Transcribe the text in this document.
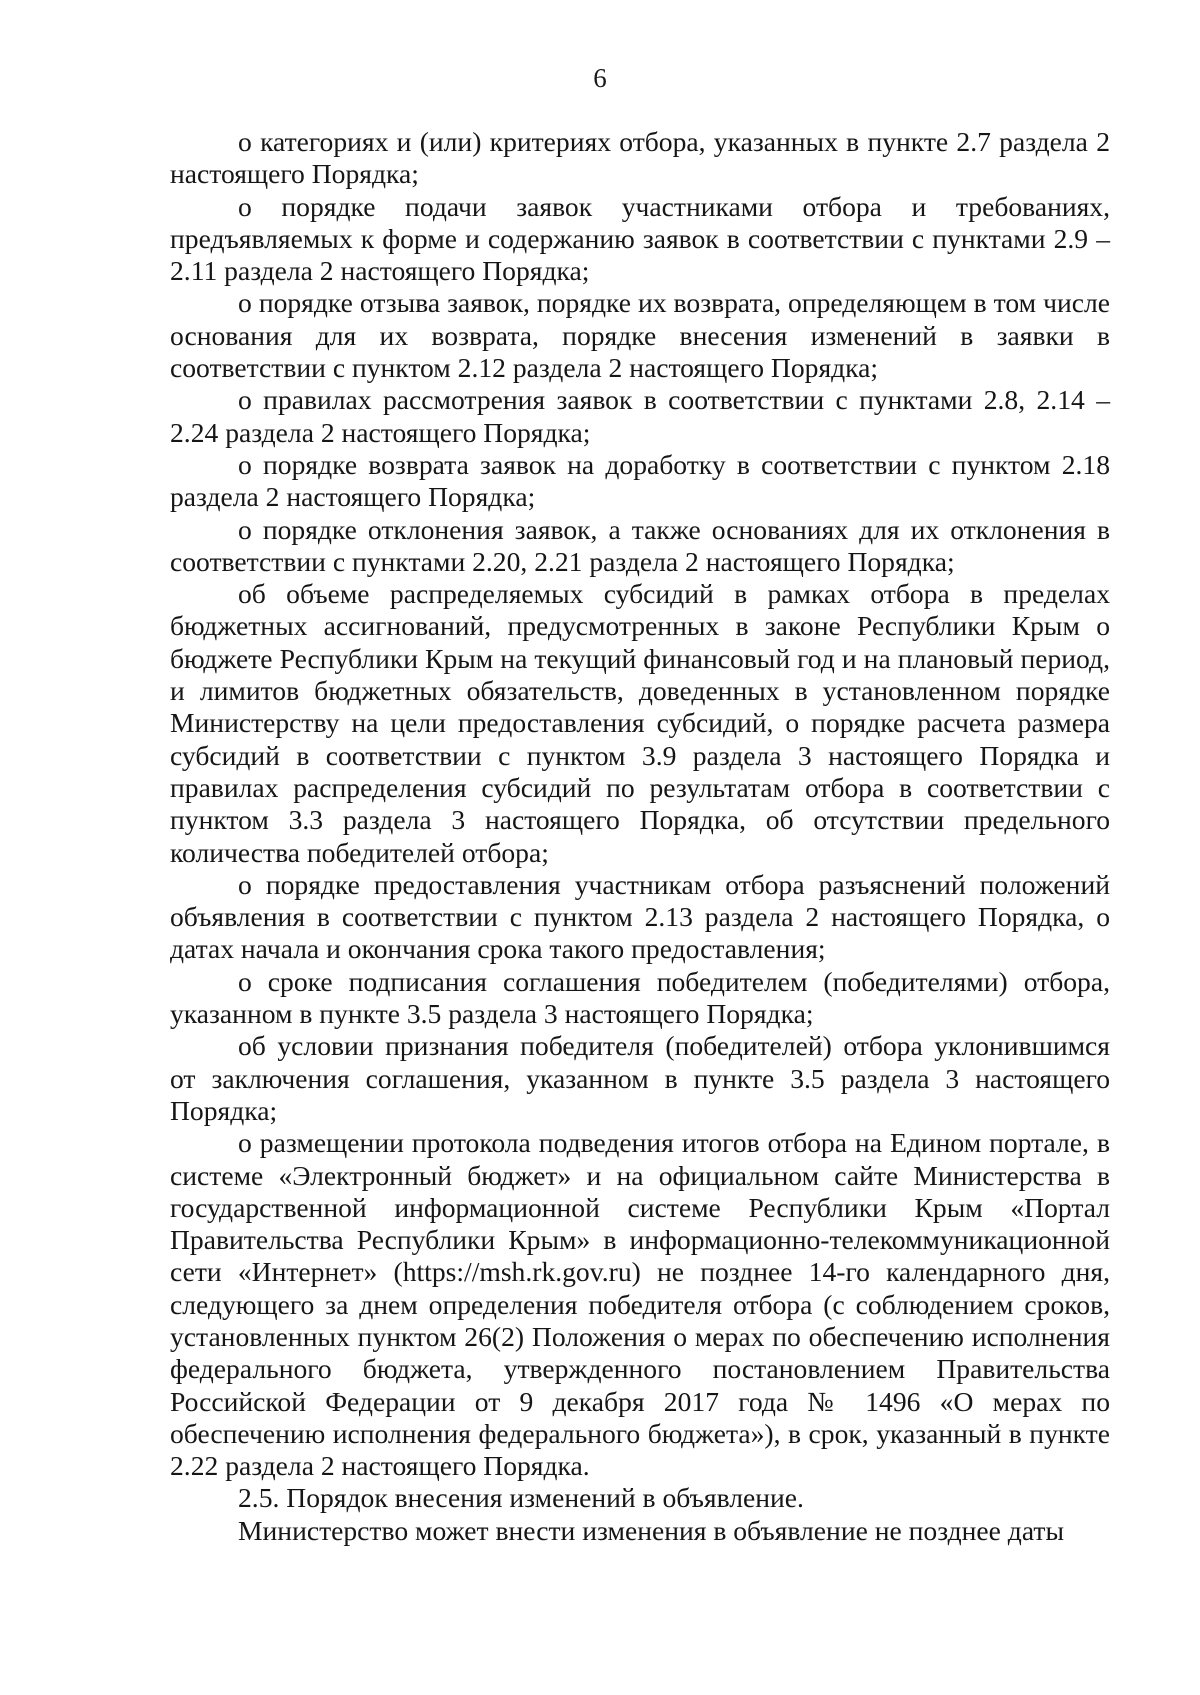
6

о категориях и (или) критериях отбора, указанных в пункте 2.7 раздела 2 настоящего Порядка;

о порядке подачи заявок участниками отбора и требованиях, предъявляемых к форме и содержанию заявок в соответствии с пунктами 2.9 – 2.11 раздела 2 настоящего Порядка;

о порядке отзыва заявок, порядке их возврата, определяющем в том числе основания для их возврата, порядке внесения изменений в заявки в соответствии с пунктом 2.12 раздела 2 настоящего Порядка;

о правилах рассмотрения заявок в соответствии с пунктами 2.8, 2.14 – 2.24 раздела 2 настоящего Порядка;

о порядке возврата заявок на доработку в соответствии с пунктом 2.18 раздела 2 настоящего Порядка;

о порядке отклонения заявок, а также основаниях для их отклонения в соответствии с пунктами 2.20, 2.21 раздела 2 настоящего Порядка;

об объеме распределяемых субсидий в рамках отбора в пределах бюджетных ассигнований, предусмотренных в законе Республики Крым о бюджете Республики Крым на текущий финансовый год и на плановый период, и лимитов бюджетных обязательств, доведенных в установленном порядке Министерству на цели предоставления субсидий, о порядке расчета размера субсидий в соответствии с пунктом 3.9 раздела 3 настоящего Порядка и правилах распределения субсидий по результатам отбора в соответствии с пунктом 3.3 раздела 3 настоящего Порядка, об отсутствии предельного количества победителей отбора;

о порядке предоставления участникам отбора разъяснений положений объявления в соответствии с пунктом 2.13 раздела 2 настоящего Порядка, о датах начала и окончания срока такого предоставления;

о сроке подписания соглашения победителем (победителями) отбора, указанном в пункте 3.5 раздела 3 настоящего Порядка;

об условии признания победителя (победителей) отбора уклонившимся от заключения соглашения, указанном в пункте 3.5 раздела 3 настоящего Порядка;

о размещении протокола подведения итогов отбора на Едином портале, в системе «Электронный бюджет» и на официальном сайте Министерства в государственной информационной системе Республики Крым «Портал Правительства Республики Крым» в информационно-телекоммуникационной сети «Интернет» (https://msh.rk.gov.ru) не позднее 14-го календарного дня, следующего за днем определения победителя отбора (с соблюдением сроков, установленных пунктом 26(2) Положения о мерах по обеспечению исполнения федерального бюджета, утвержденного постановлением Правительства Российской Федерации от 9 декабря 2017 года № 1496 «О мерах по обеспечению исполнения федерального бюджета»), в срок, указанный в пункте 2.22 раздела 2 настоящего Порядка.

2.5. Порядок внесения изменений в объявление.

Министерство может внести изменения в объявление не позднее даты
